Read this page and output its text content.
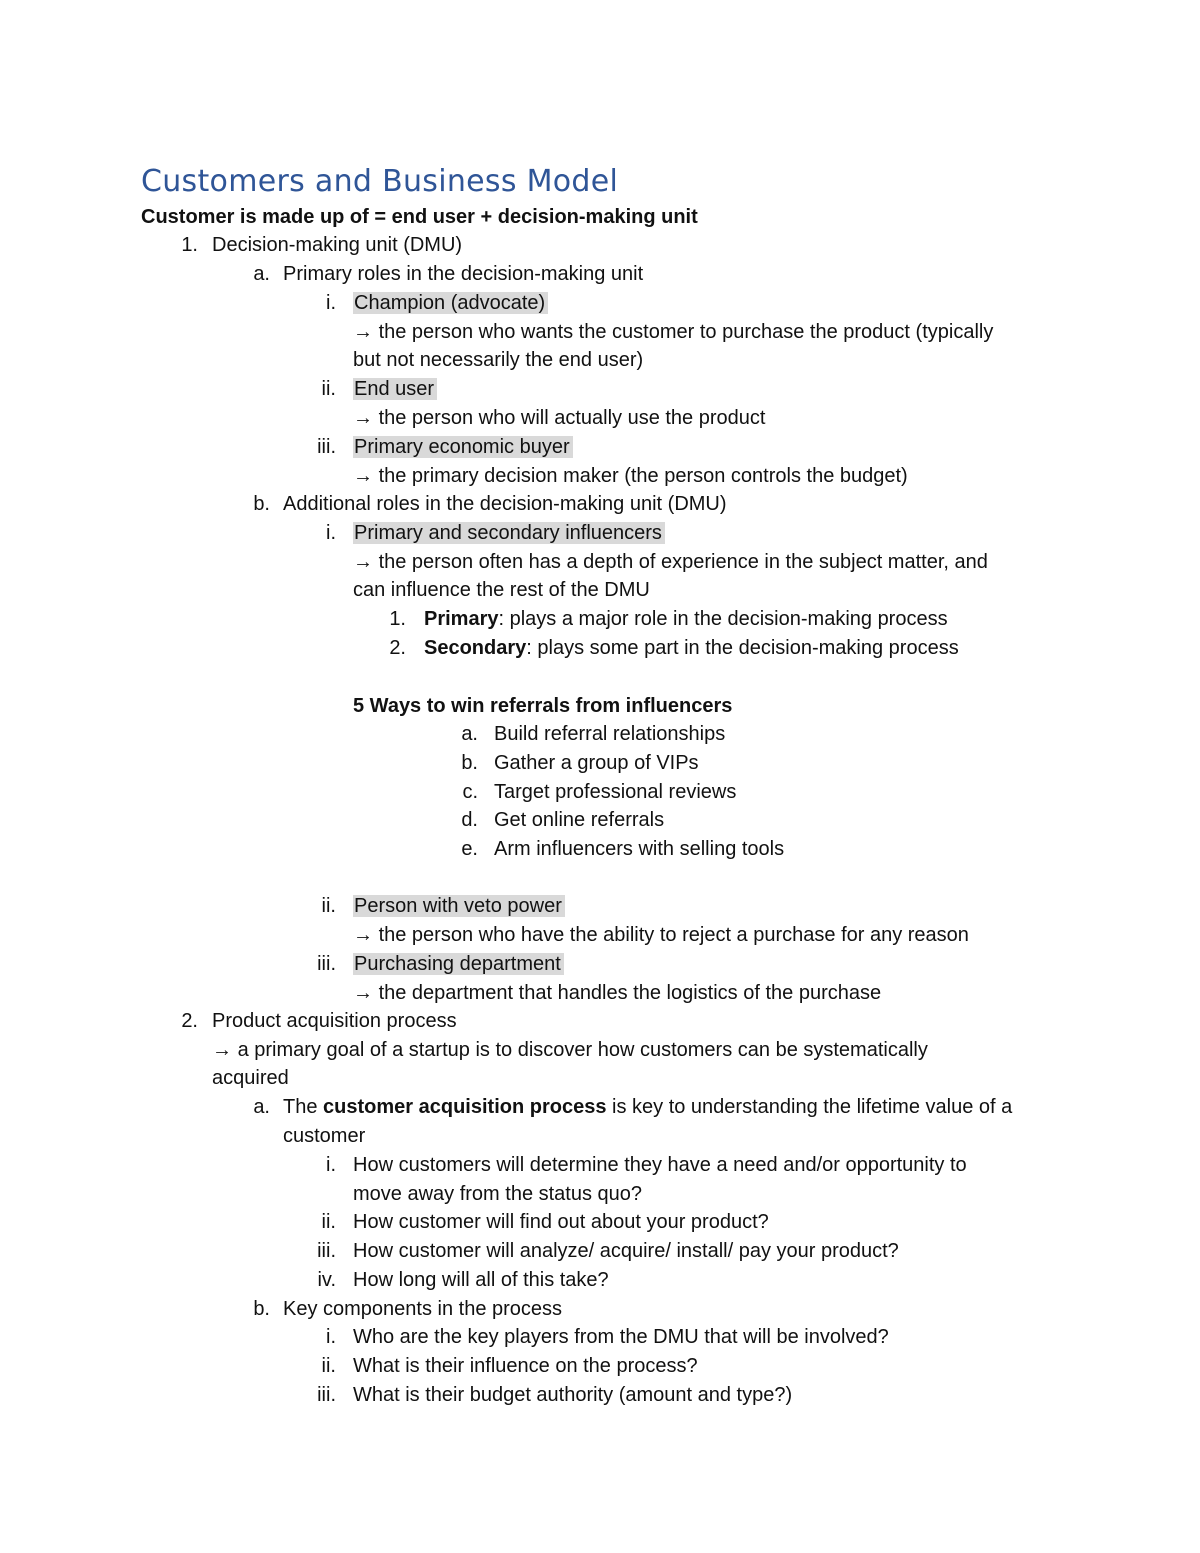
Customers and Business Model
Customer is made up of = end user + decision-making unit
1. Decision-making unit (DMU)
a. Primary roles in the decision-making unit
i. Champion (advocate)
→ the person who wants the customer to purchase the product (typically
but not necessarily the end user)
ii. End user
→ the person who will actually use the product
iii. Primary economic buyer
→ the primary decision maker (the person controls the budget)
b. Additional roles in the decision-making unit (DMU)
i. Primary and secondary influencers
→ the person often has a depth of experience in the subject matter, and
can influence the rest of the DMU
1. Primary: plays a major role in the decision-making process
2. Secondary: plays some part in the decision-making process
5 Ways to win referrals from influencers
a. Build referral relationships
b. Gather a group of VIPs
c. Target professional reviews
d. Get online referrals
e. Arm influencers with selling tools
ii. Person with veto power
→ the person who have the ability to reject a purchase for any reason
iii. Purchasing department
→ the department that handles the logistics of the purchase
2. Product acquisition process
→ a primary goal of a startup is to discover how customers can be systematically
acquired
a. The customer acquisition process is key to understanding the lifetime value of a
customer
i. How customers will determine they have a need and/or opportunity to
move away from the status quo?
ii. How customer will find out about your product?
iii. How customer will analyze/ acquire/ install/ pay your product?
iv. How long will all of this take?
b. Key components in the process
i. Who are the key players from the DMU that will be involved?
ii. What is their influence on the process?
iii. What is their budget authority (amount and type?)
